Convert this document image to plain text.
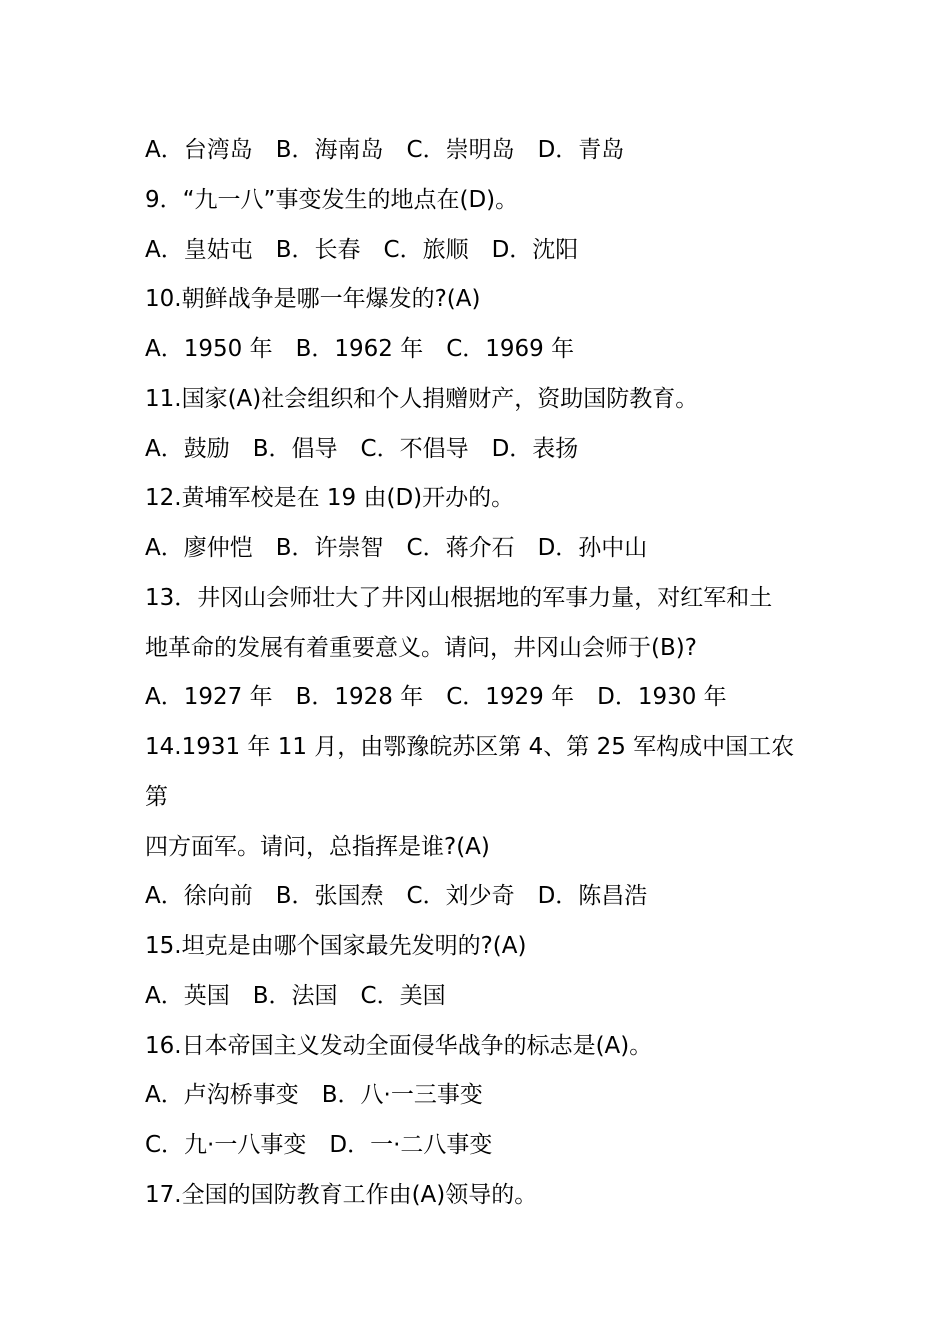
A．台湾岛　B．海南岛　C．崇明岛　D．青岛
9．“九一八”事变发生的地点在(D)。
A．皇姑屯　B．长春　C．旅顺　D．沈阳
10.朝鲜战争是哪一年爆发的?(A)
A．1950 年　B．1962 年　C．1969 年
11.国家(A)社会组织和个人捐赠财产，资助国防教育。
A．鼓励　B．倡导　C．不倡导　D．表扬
12.黄埔军校是在 19 由(D)开办的。
A．廖仲恺　B．许崇智　C．蒋介石　D．孙中山
13．井冈山会师壮大了井冈山根据地的军事力量，对红军和土
地革命的发展有着重要意义。请问，井冈山会师于(B)?
A．1927 年　B．1928 年　C．1929 年　D．1930 年
14.1931 年 11 月，由鄂豫皖苏区第 4、第 25 军构成中国工农
第
四方面军。请问，总指挥是谁?(A)
A．徐向前　B．张国焘　C．刘少奇　D．陈昌浩
15.坦克是由哪个国家最先发明的?(A)
A．英国　B．法国　C．美国
16.日本帝国主义发动全面侵华战争的标志是(A)。
A．卢沟桥事变　B．八·一三事变
C．九·一八事变　D．一·二八事变
17.全国的国防教育工作由(A)领导的。
